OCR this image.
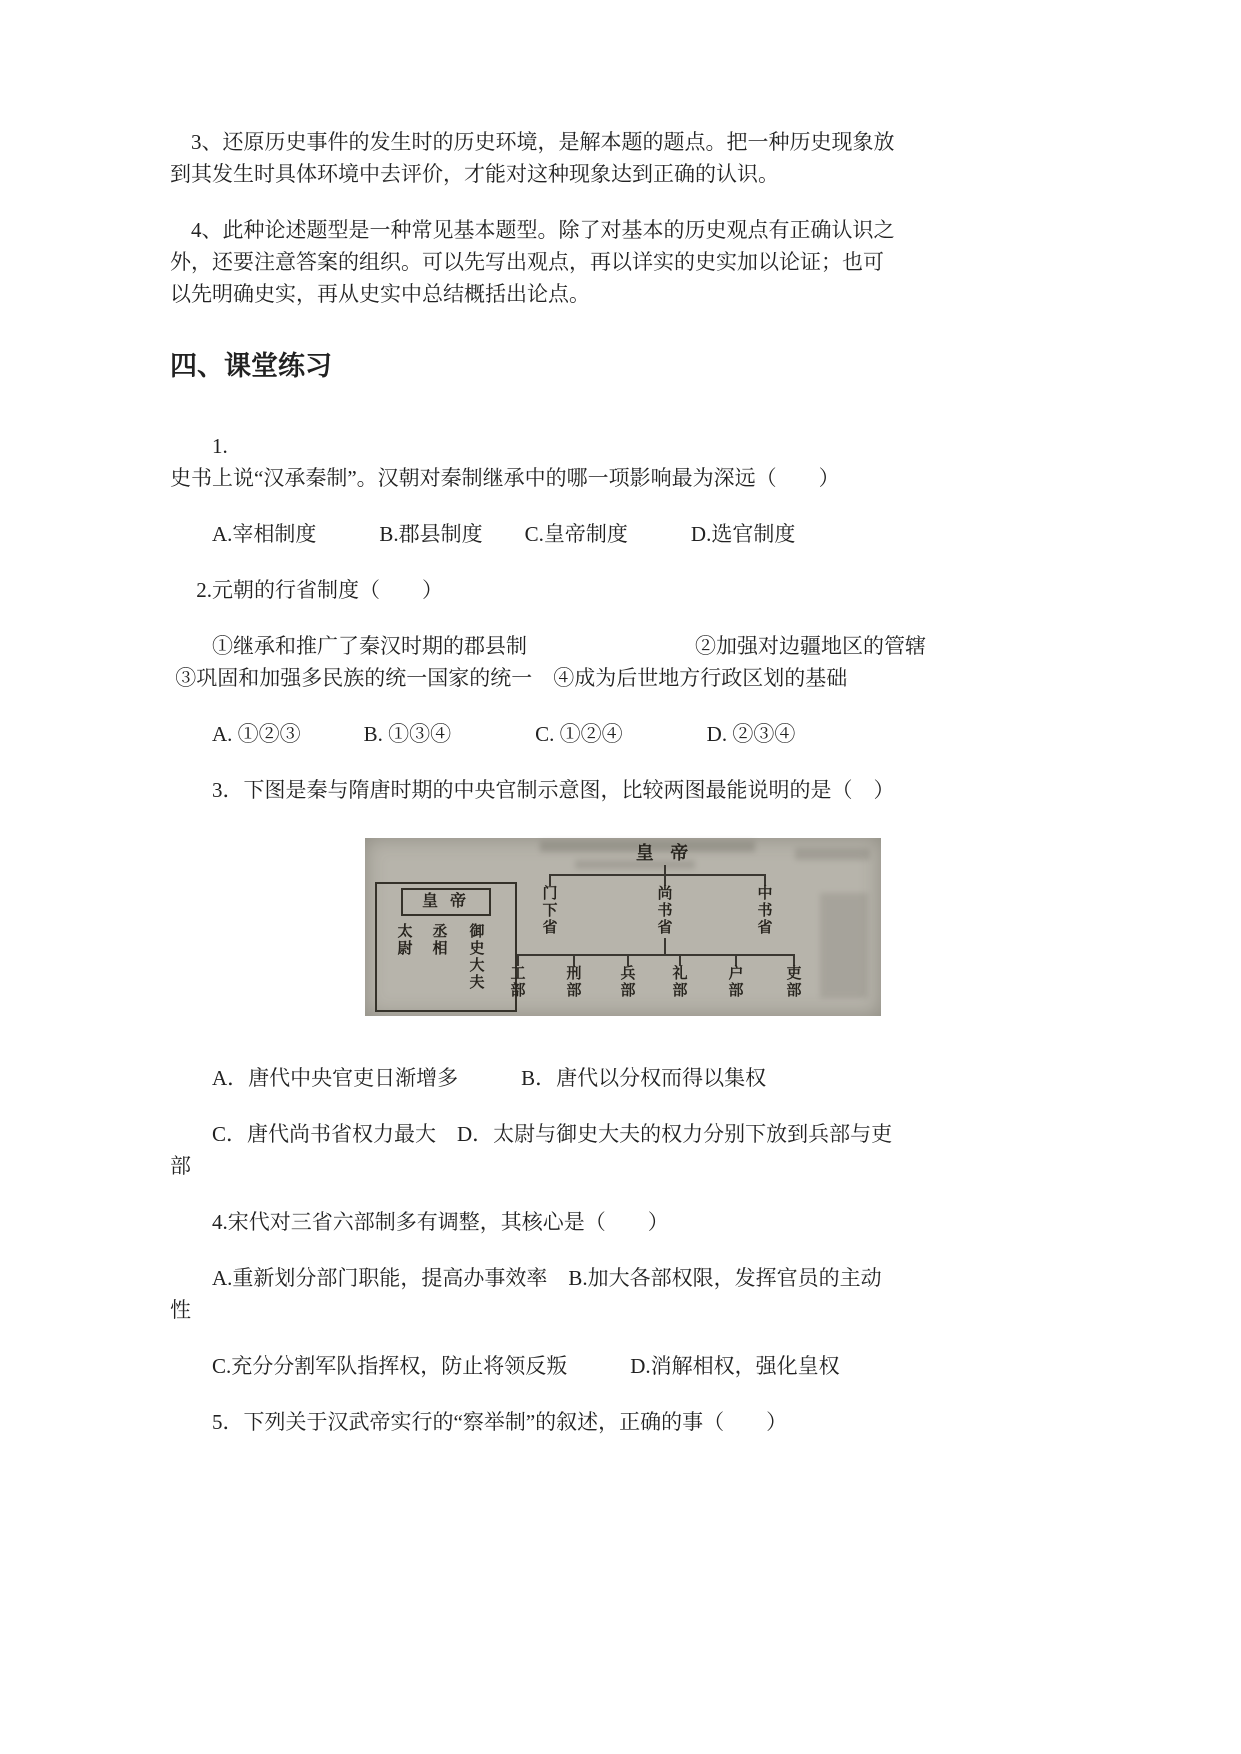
　3、还原历史事件的发生时的历史环境，是解本题的题点。把一种历史现象放

到其发生时具体环境中去评价，才能对这种现象达到正确的认识。

　4、此种论述题型是一种常见基本题型。除了对基本的历史观点有正确认识之

外，还要注意答案的组织。可以先写出观点，再以详实的史实加以论证；也可

以先明确史实，再从史实中总结概括出论点。

四、课堂练习

　　1.

史书上说“汉承秦制”。汉朝对秦制继承中的哪一项影响最为深远（　　）

　　A.宰相制度　　　B.郡县制度　　C.皇帝制度　　　D.选官制度

　 2.元朝的行省制度（　　）

　　①继承和推广了秦汉时期的郡县制　　　　　　　　②加强对边疆地区的管辖

③巩固和加强多民族的统一国家的统一　④成为后世地方行政区划的基础

　　A. ①②③　　　B. ①③④　　　　C. ①②④　　　　D. ②③④

　　3．下图是秦与隋唐时期的中央官制示意图，比较两图最能说明的是（　）

皇 帝
太尉
丞相
御史大夫
皇 帝
门下省
尚书省
中书省
工部
刑部
兵部
礼部
户部
吏部

　　A．唐代中央官吏日渐增多　　　B．唐代以分权而得以集权

　　C．唐代尚书省权力最大　D．太尉与御史大夫的权力分别下放到兵部与吏

部

　　4.宋代对三省六部制多有调整，其核心是（　　）

　　A.重新划分部门职能，提高办事效率　B.加大各部权限，发挥官员的主动

性

　　C.充分分割军队指挥权，防止将领反叛　　　D.消解相权，强化皇权

　　5．下列关于汉武帝实行的“察举制”的叙述，正确的事（　　）
